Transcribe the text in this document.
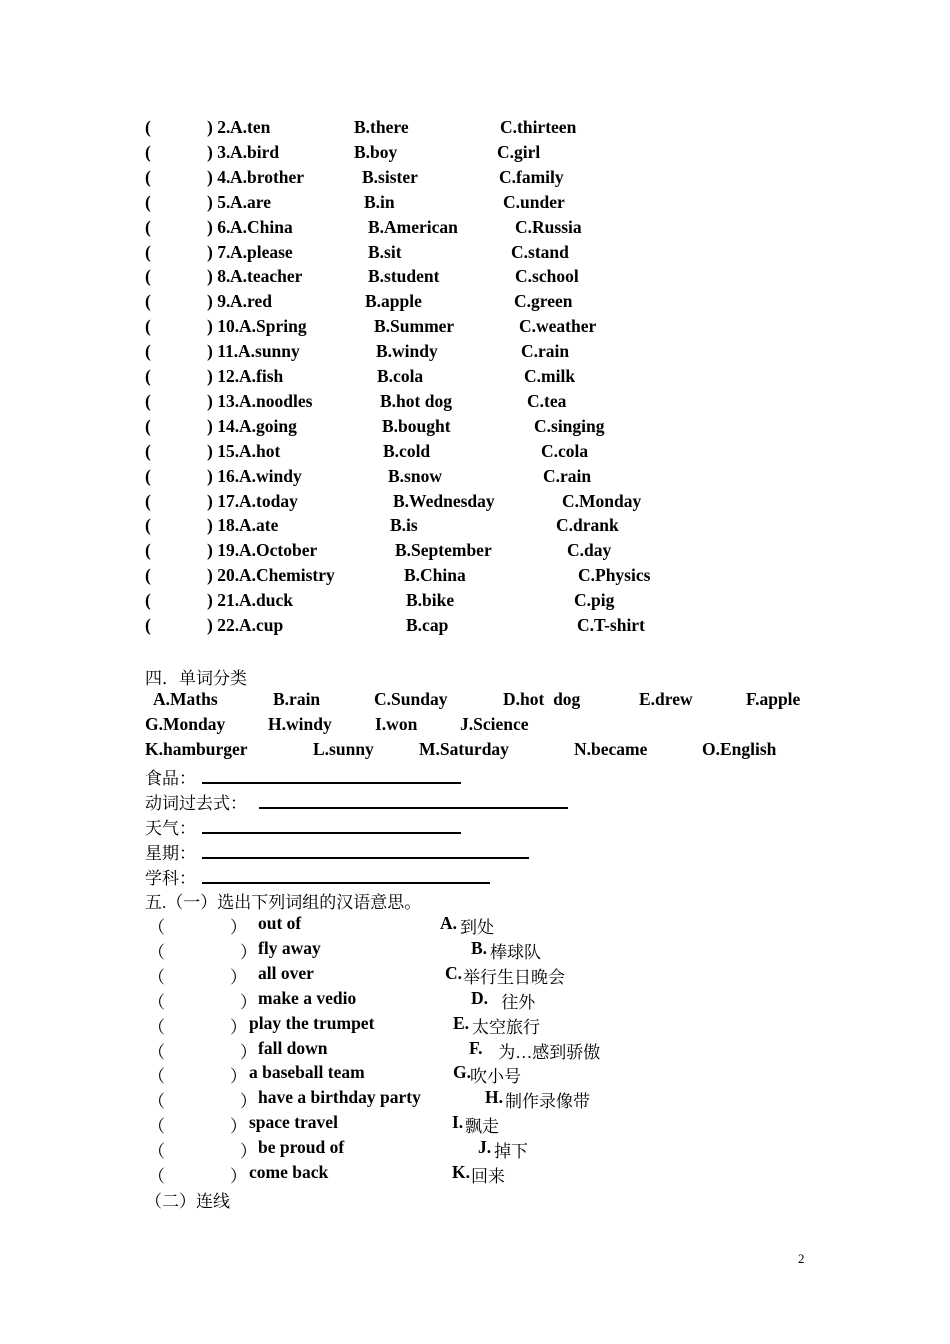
(	) 2. A.ten	B.there	C.thirteen
(	) 3. A.bird	B.boy	C.girl
(	) 4. A.brother	B.sister	C.family
(	) 5. A.are	B.in	C.under
(	) 6. A.China	B.American	C.Russia
(	) 7. A.please	B.sit	C.stand
(	) 8. A.teacher	B.student	C.school
(	) 9. A.red	B.apple	C.green
(	) 10. A.Spring	B.Summer	C.weather
(	) 11. A.sunny	B.windy	C.rain
(	) 12. A.fish	B.cola	C.milk
(	) 13. A.noodles	B.hot dog	C.tea
(	) 14. A.going	B.bought	C.singing
(	) 15. A.hot	B.cold	C.cola
(	) 16. A.windy	B.snow	C.rain
(	) 17. A.today	B.Wednesday	C.Monday
(	) 18. A.ate	B.is	C.drank
(	) 19. A.October	B.September	C.day
(	) 20. A.Chemistry	B.China	C.Physics
(	) 21. A.duck	B.bike	C.pig
(	) 22. A.cup	B.cap	C.T-shirt
四．单词分类
A.Maths	B.rain	C.Sunday	D.hot  dog	E.drew	F.apple
G.Monday H.windy I.won J.Science
K.hamburger	L.sunny	M.Saturday	N.became	O.English
食品：
动词过去式：
天气：
星期：
学科：
五.（一）选出下列词组的汉语意思。
（	） out of	A. 到处
（	） fly away	B. 棒球队
（	） all over	C. 举行生日晚会
（	） make a vedio	D. 往外
（	） play the trumpet	E. 太空旅行
（	） fall down	F. 为…感到骄傲
（	） a baseball team	G. 吹小号
（	） have a birthday party	H. 制作录像带
（	） space travel	I. 飘走
（	） be proud of	J. 掉下
（	） come back	K. 回来
（二）连线
2
